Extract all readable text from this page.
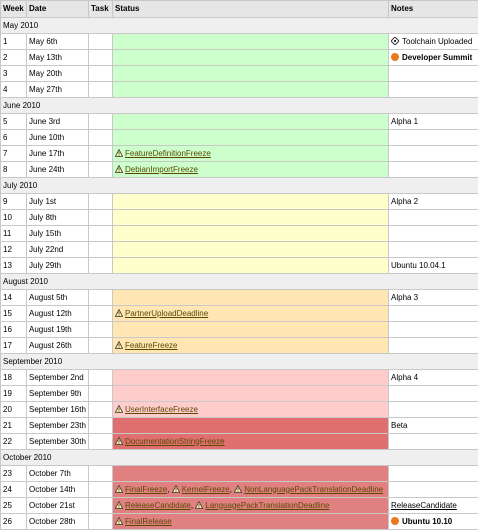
Week	Date	Task	Status	Notes
May 2010				
1	May 6th			Toolchain Uploaded
2	May 13th			Developer Summit
3	May 20th			
4	May 27th			
June 2010				
5	June 3rd			Alpha 1
6	June 10th			
7	June 17th		FeatureDefinitionFreeze	
8	June 24th		DebianImportFreeze	
July 2010				
9	July 1st			Alpha 2
10	July 8th			
11	July 15th			
12	July 22nd			
13	July 29th			Ubuntu 10.04.1
August 2010				
14	August 5th			Alpha 3
15	August 12th		PartnerUploadDeadline	
16	August 19th			
17	August 26th		FeatureFreeze	
September 2010				
18	September 2nd			Alpha 4
19	September 9th			
20	September 16th		UserInterfaceFreeze	
21	September 23th			Beta
22	September 30th		DocumentationStringFreeze	
October 2010				
23	October 7th			
24	October 14th		FinalFreeze, KernelFreeze, NonLanguagePackTranslationDeadline	
25	October 21st		ReleaseCandidate, LanguagePackTranslationDeadline	ReleaseCandidate
26	October 28th		FinalRelease	Ubuntu 10.10
